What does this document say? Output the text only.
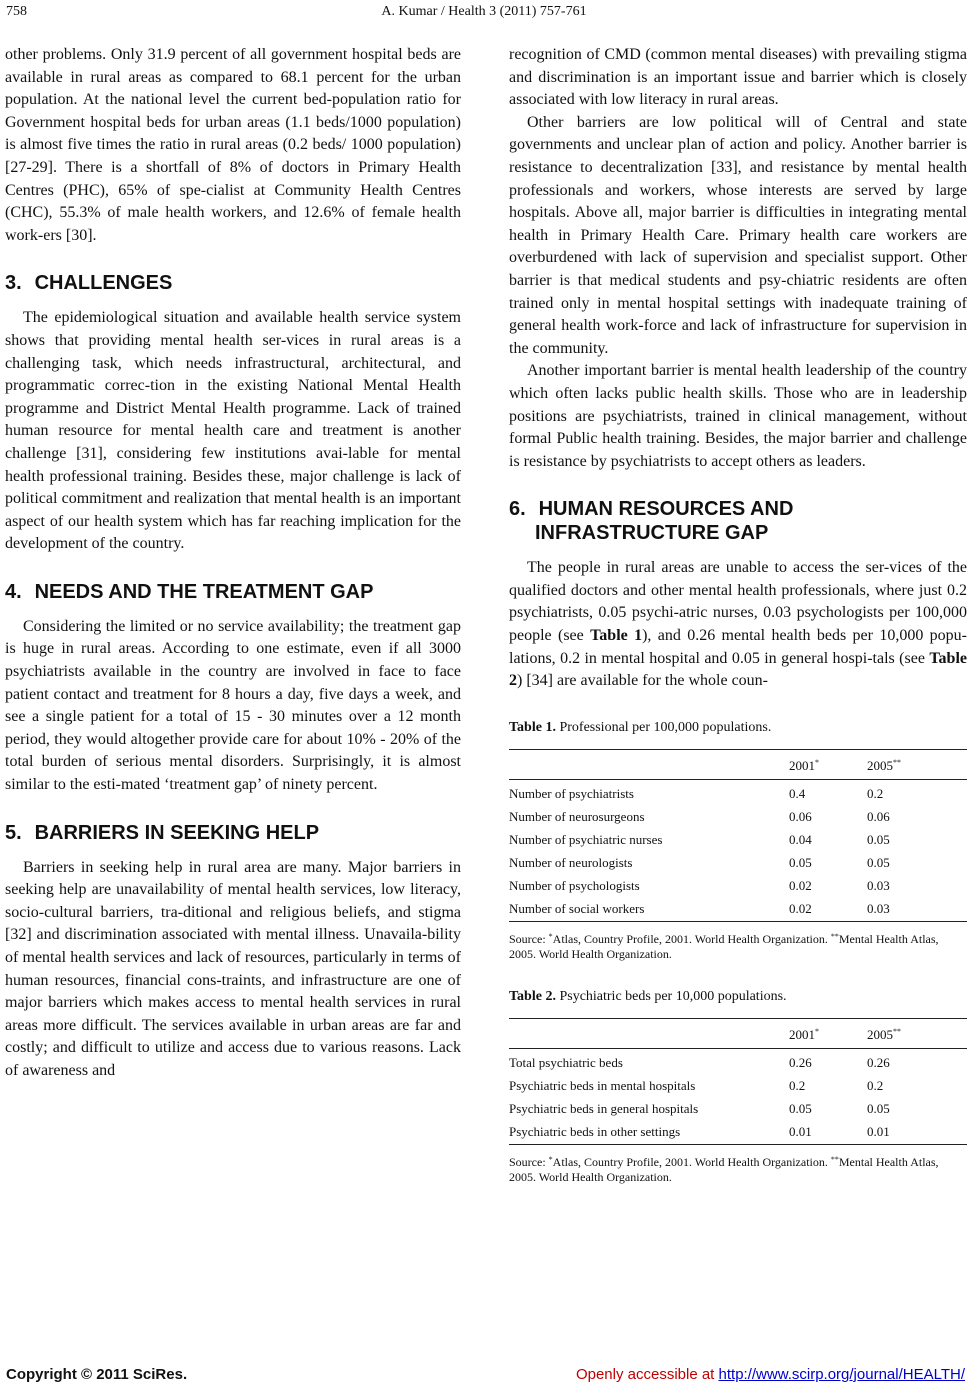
758	A. Kumar / Health 3 (2011) 757-761

other problems. Only 31.9 percent of all government hospital beds are available in rural areas as compared to 68.1 percent for the urban population. At the national level the current bed-population ratio for Government hospital beds for urban areas (1.1 beds/1000 population) is almost five times the ratio in rural areas (0.2 beds/ 1000 population) [27-29]. There is a shortfall of 8% of doctors in Primary Health Centres (PHC), 65% of spe-cialist at Community Health Centres (CHC), 55.3% of male health workers, and 12.6% of female health work-ers [30].

3. CHALLENGES

The epidemiological situation and available health service system shows that providing mental health ser-vices in rural areas is a challenging task, which needs infrastructural, architectural, and programmatic correc-tion in the existing National Mental Health programme and District Mental Health programme. Lack of trained human resource for mental health care and treatment is another challenge [31], considering few institutions avai-lable for mental health professional training. Besides these, major challenge is lack of political commitment and realization that mental health is an important aspect of our health system which has far reaching implication for the development of the country.

4. NEEDS AND THE TREATMENT GAP

Considering the limited or no service availability; the treatment gap is huge in rural areas. According to one estimate, even if all 3000 psychiatrists available in the country are involved in face to face patient contact and treatment for 8 hours a day, five days a week, and see a single patient for a total of 15 - 30 minutes over a 12 month period, they would altogether provide care for about 10% - 20% of the total burden of serious mental disorders. Surprisingly, it is almost similar to the esti-mated ‘treatment gap’ of ninety percent.

5. BARRIERS IN SEEKING HELP

Barriers in seeking help in rural area are many. Major barriers in seeking help are unavailability of mental health services, low literacy, socio-cultural barriers, tra-ditional and religious beliefs, and stigma [32] and discrimination associated with mental illness. Unavaila-bility of mental health services and lack of resources, particularly in terms of human resources, financial cons-traints, and infrastructure are one of major barriers which makes access to mental health services in rural areas more difficult. The services available in urban areas are far and costly; and difficult to utilize and access due to various reasons. Lack of awareness and

recognition of CMD (common mental diseases) with prevailing stigma and discrimination is an important issue and barrier which is closely associated with low literacy in rural areas.

Other barriers are low political will of Central and state governments and unclear plan of action and policy. Another barrier is resistance to decentralization [33], and resistance by mental health professionals and workers, whose interests are served by large hospitals. Above all, major barrier is difficulties in integrating mental health in Primary Health Care. Primary health care workers are overburdened with lack of supervision and specialist support. Other barrier is that medical students and psy-chiatric residents are often trained only in mental hospital settings with inadequate training of general health work-force and lack of infrastructure for supervision in the community.

Another important barrier is mental health leadership of the country which often lacks public health skills. Those who are in leadership positions are psychiatrists, trained in clinical management, without formal Public health training. Besides, the major barrier and challenge is resistance by psychiatrists to accept others as leaders.

6. HUMAN RESOURCES AND
INFRASTRUCTURE GAP

The people in rural areas are unable to access the ser-vices of the qualified doctors and other mental health professionals, where just 0.2 psychiatrists, 0.05 psychi-atric nurses, 0.03 psychologists per 100,000 people (see Table 1), and 0.26 mental health beds per 10,000 popu-lations, 0.2 in mental hospital and 0.05 in general hospi-tals (see Table 2) [34] are available for the whole coun-

Table 1. Professional per 100,000 populations.
	2001*	2005**
Number of psychiatrists	0.4	0.2
Number of neurosurgeons	0.06	0.06
Number of psychiatric nurses	0.04	0.05
Number of neurologists	0.05	0.05
Number of psychologists	0.02	0.03
Number of social workers	0.02	0.03
Source: *Atlas, Country Profile, 2001. World Health Organization. **Mental Health Atlas, 2005. World Health Organization.
Table 2. Psychiatric beds per 10,000 populations.
	2001*	2005**
Total psychiatric beds	0.26	0.26
Psychiatric beds in mental hospitals	0.2	0.2
Psychiatric beds in general hospitals	0.05	0.05
Psychiatric beds in other settings	0.01	0.01
Source: *Atlas, Country Profile, 2001. World Health Organization. **Mental Health Atlas, 2005. World Health Organization.
Copyright © 2011 SciRes.	Openly accessible at http://www.scirp.org/journal/HEALTH/
